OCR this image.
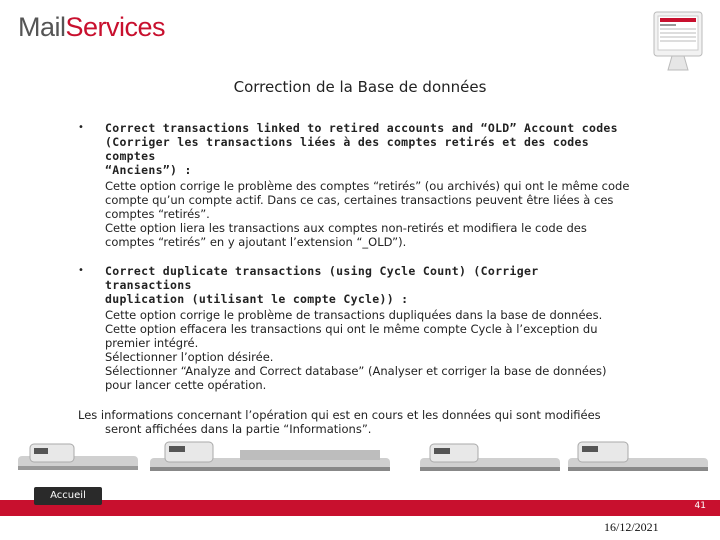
MailServices
Correction de la Base de données
• Correct transactions linked to retired accounts and “OLD” Account codes
(Corriger les transactions liées à des comptes retirés et des codes comptes
“Anciens”) :
Cette option corrige le problème des comptes “retirés” (ou archivés) qui ont le même code
compte qu’un compte actif. Dans ce cas, certaines transactions peuvent être liées à ces
comptes “retirés”.
Cette option liera les transactions aux comptes non-retirés et modifiera le code des
comptes “retirés” en y ajoutant l’extension “_OLD”).
• Correct duplicate transactions (using Cycle Count) (Corriger transactions
duplication (utilisant le compte Cycle)) :
Cette option corrige le problème de transactions dupliquées dans la base de données.
Cette option effacera les transactions qui ont le même compte Cycle à l’exception du
premier intégré.
Sélectionner l’option désirée.
Sélectionner “Analyze and Correct database” (Analyser et corriger la base de données)
pour lancer cette opération.
Les informations concernant l’opération qui est en cours et les données qui sont modifiées
seront affichées dans la partie “Informations”.
Accueil
41
16/12/2021
